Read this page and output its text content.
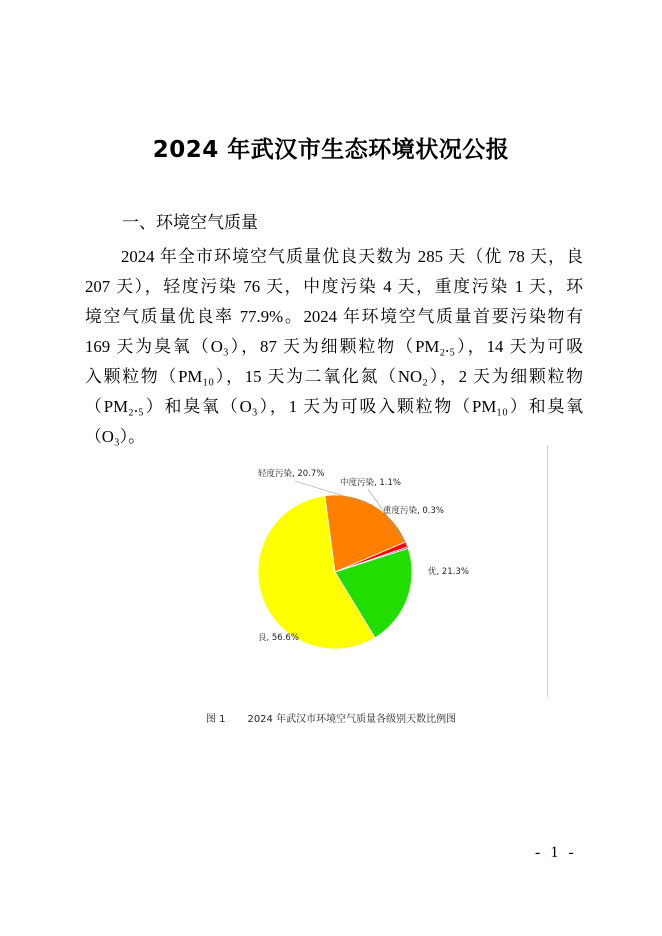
2024 年武汉市生态环境状况公报
一、环境空气质量
2024 年全市环境空气质量优良天数为 285 天（优 78 天，良
207 天），轻度污染 76 天，中度污染 4 天，重度污染 1 天，环
境空气质量优良率 77.9%。2024 年环境空气质量首要污染物有
169 天为臭氧（O₃），87 天为细颗粒物（PM₂.₅），14 天为可吸
入颗粒物（PM₁₀），15 天为二氧化氮（NO₂），2 天为细颗粒物
（PM₂.₅）和臭氧（O₃），1 天为可吸入颗粒物（PM₁₀）和臭氧
（O₃）。
优, 21.3%
良, 56.6%
轻度污染, 20.7%
中度污染, 1.1%
重度污染, 0.3%
图 1 2024 年武汉市环境空气质量各级别天数比例图
- 1 -
